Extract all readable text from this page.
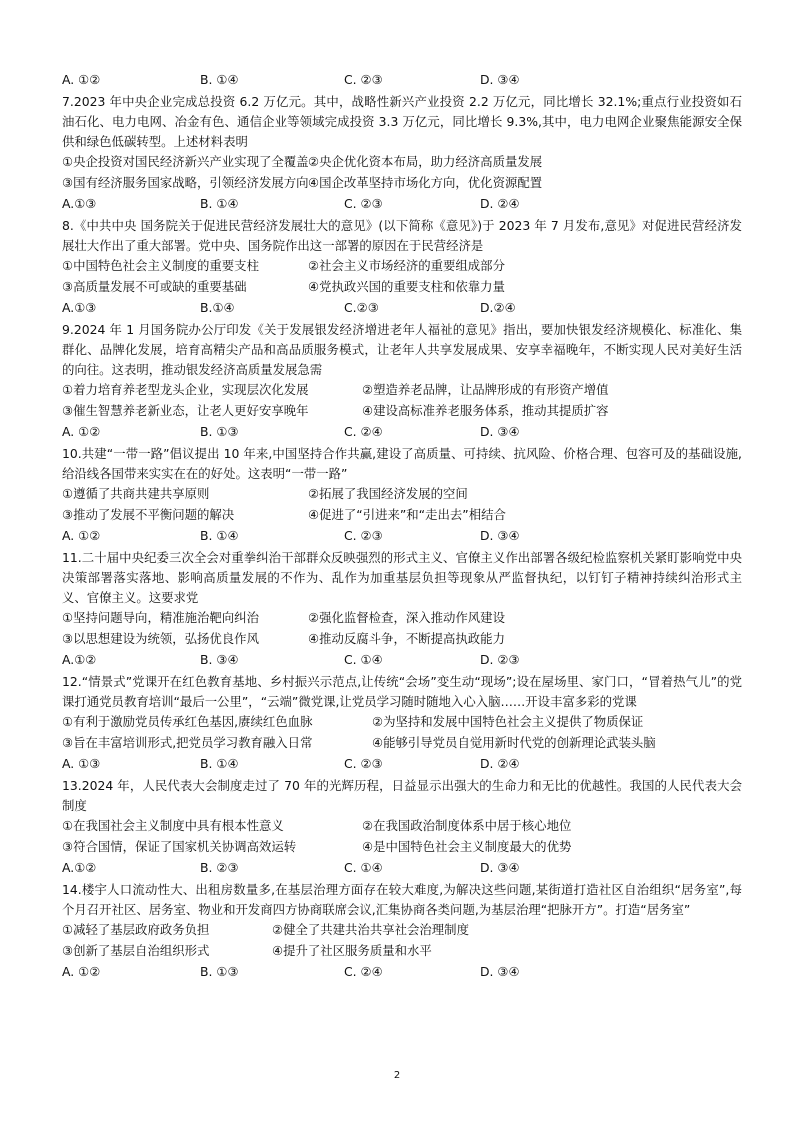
A. ①②	B. ①④	C. ②③	D. ③④
7.2023 年中央企业完成总投资 6.2 万亿元。其中，战略性新兴产业投资 2.2 万亿元，同比增长 32.1%;重点行业投资如石油石化、电力电网、冶金有色、通信企业等领域完成投资 3.3 万亿元，同比增长 9.3%,其中，电力电网企业聚焦能源安全保供和绿色低碳转型。上述材料表明
①央企投资对国民经济新兴产业实现了全覆盖 ②央企优化资本布局，助力经济高质量发展
③国有经济服务国家战略，引领经济发展方向 ④国企改革坚持市场化方向，优化资源配置
A.①③	B. ①④	C. ②③	D. ②④
8.《中共中央 国务院关于促进民营经济发展壮大的意见》(以下简称《意见》)于 2023 年 7 月发布,意见》对促进民营经济发展壮大作出了重大部署。党中央、国务院作出这一部署的原因在于民营经济是
①中国特色社会主义制度的重要支柱	②社会主义市场经济的重要组成部分
③高质量发展不可或缺的重要基础	④党执政兴国的重要支柱和依靠力量
A.①③	B.①④	C.②③	D.②④
9.2024 年 1 月国务院办公厅印发《关于发展银发经济增进老年人福祉的意见》指出，要加快银发经济规模化、标准化、集群化、品牌化发展，培育高精尖产品和高品质服务模式，让老年人共享发展成果、安享幸福晚年，不断实现人民对美好生活的向往。这表明，推动银发经济高质量发展急需
①着力培育养老型龙头企业，实现层次化发展	②塑造养老品牌，让品牌形成的有形资产增值
③催生智慧养老新业态，让老人更好安享晚年	④建设高标准养老服务体系，推动其提质扩容
A. ①②	B. ①③	C. ②④	D. ③④
10.共建“一带一路”倡议提出 10 年来,中国坚持合作共赢,建设了高质量、可持续、抗风险、价格合理、包容可及的基础设施,给沿线各国带来实实在在的好处。这表明“一带一路”
①遵循了共商共建共享原则	②拓展了我国经济发展的空间
③推动了发展不平衡问题的解决	④促进了“引进来”和“走出去”相结合
A. ①②	B. ①④	C. ②③	D. ③④
11.二十届中央纪委三次全会对重拳纠治干部群众反映强烈的形式主义、官僚主义作出部署各级纪检监察机关紧盯影响党中央决策部署落实落地、影响高质量发展的不作为、乱作为加重基层负担等现象从严监督执纪，以钉钉子精神持续纠治形式主义、官僚主义。这要求党
①坚持问题导向，精准施治靶向纠治	②强化监督检查，深入推动作风建设
③以思想建设为统领，弘扬优良作风	④推动反腐斗争，不断提高执政能力
A.①②	B. ③④	C. ①④	D. ②③
12.“情景式”党课开在红色教育基地、乡村振兴示范点,让传统“会场”变生动“现场”;设在屋场里、家门口，“冒着热气儿”的党课打通党员教育培训“最后一公里”，“云端”微党课,让党员学习随时随地入心入脑……开设丰富多彩的党课
①有利于激励党员传承红色基因,赓续红色血脉	②为坚持和发展中国特色社会主义提供了物质保证
③旨在丰富培训形式,把党员学习教育融入日常	④能够引导党员自觉用新时代党的创新理论武装头脑
A. ①③	B. ①④	C. ②③	D. ②④
13.2024 年，人民代表大会制度走过了 70 年的光辉历程，日益显示出强大的生命力和无比的优越性。我国的人民代表大会制度
①在我国社会主义制度中具有根本性意义	②在我国政治制度体系中居于核心地位
③符合国情，保证了国家机关协调高效运转	④是中国特色社会主义制度最大的优势
A.①②	B. ②③	C. ①④	D. ③④
14.楼宇人口流动性大、出租房数量多,在基层治理方面存在较大难度,为解决这些问题,某街道打造社区自治组织“居务室”,每个月召开社区、居务室、物业和开发商四方协商联席会议,汇集协商各类问题,为基层治理“把脉开方”。打造“居务室”
①减轻了基层政府政务负担	②健全了共建共治共享社会治理制度
③创新了基层自治组织形式	④提升了社区服务质量和水平
A. ①②	B. ①③	C. ②④	D. ③④
2
